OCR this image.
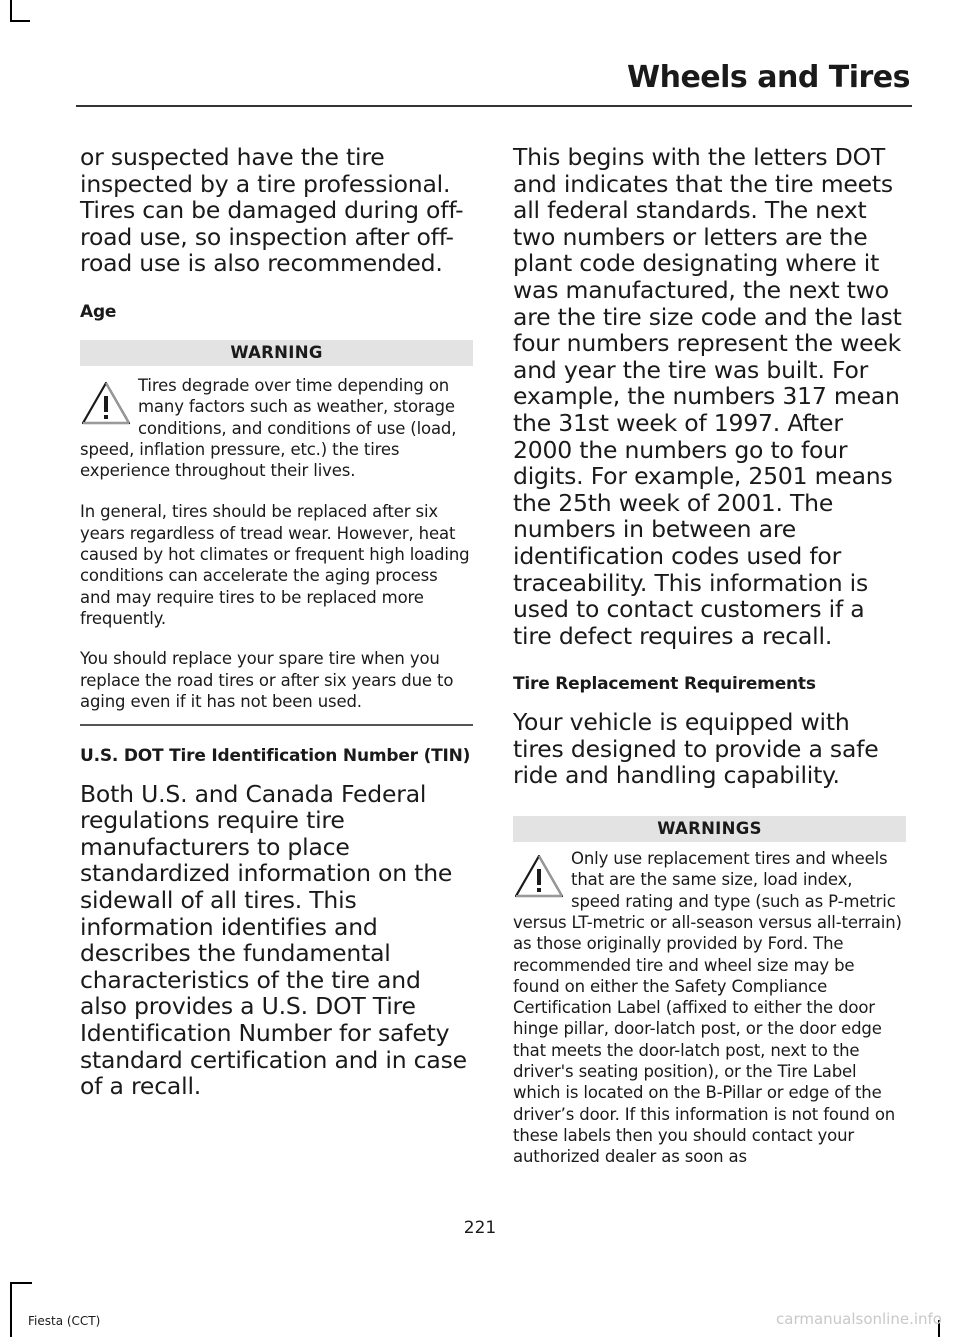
Wheels and Tires

or suspected have the tire inspected by a tire professional. Tires can be damaged during off-road use, so inspection after off-road use is also recommended.

Age

WARNING

Tires degrade over time depending on many factors such as weather, storage conditions, and conditions of use (load, speed, inflation pressure, etc.) the tires experience throughout their lives.

In general, tires should be replaced after six years regardless of tread wear. However, heat caused by hot climates or frequent high loading conditions can accelerate the aging process and may require tires to be replaced more frequently.

You should replace your spare tire when you replace the road tires or after six years due to aging even if it has not been used.

U.S. DOT Tire Identification Number (TIN)

Both U.S. and Canada Federal regulations require tire manufacturers to place standardized information on the sidewall of all tires. This information identifies and describes the fundamental characteristics of the tire and also provides a U.S. DOT Tire Identification Number for safety standard certification and in case of a recall.

This begins with the letters DOT and indicates that the tire meets all federal standards. The next two numbers or letters are the plant code designating where it was manufactured, the next two are the tire size code and the last four numbers represent the week and year the tire was built. For example, the numbers 317 mean the 31st week of 1997. After 2000 the numbers go to four digits. For example, 2501 means the 25th week of 2001. The numbers in between are identification codes used for traceability. This information is used to contact customers if a tire defect requires a recall.

Tire Replacement Requirements

Your vehicle is equipped with tires designed to provide a safe ride and handling capability.

WARNINGS

Only use replacement tires and wheels that are the same size, load index, speed rating and type (such as P-metric versus LT-metric or all-season versus all-terrain) as those originally provided by Ford. The recommended tire and wheel size may be found on either the Safety Compliance Certification Label (affixed to either the door hinge pillar, door-latch post, or the door edge that meets the door-latch post, next to the driver's seating position), or the Tire Label which is located on the B-Pillar or edge of the driver’s door. If this information is not found on these labels then you should contact your authorized dealer as soon as

221
Fiesta (CCT)	carmanualsonline.info
